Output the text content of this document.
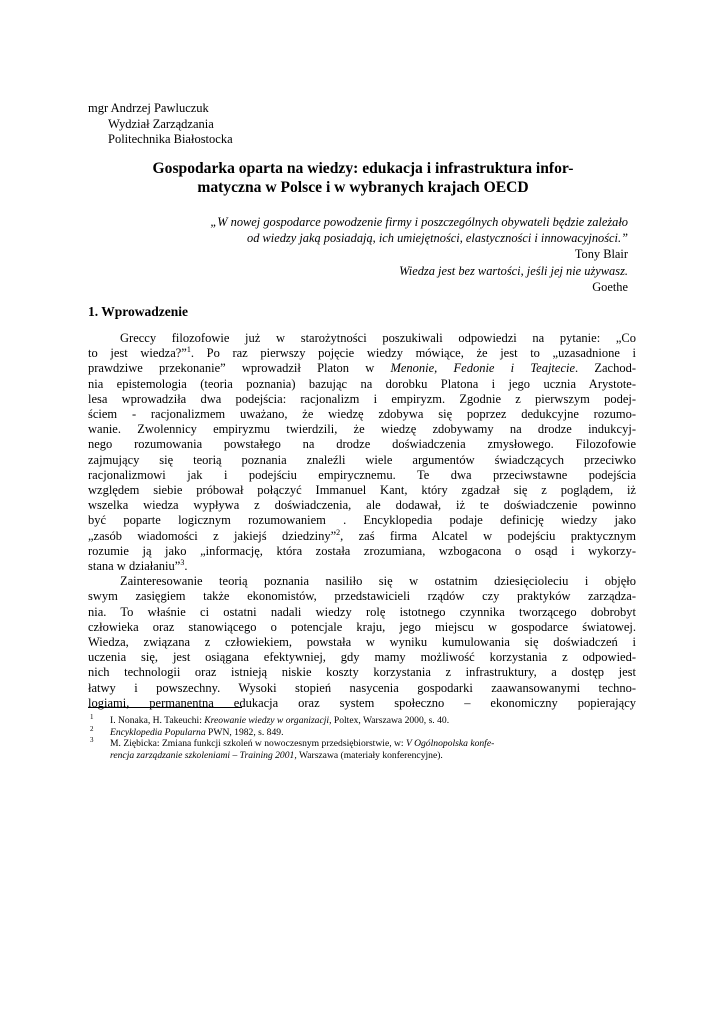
mgr Andrzej Pawluczuk
Wydział Zarządzania
Politechnika Białostocka
Gospodarka oparta na wiedzy: edukacja i infrastruktura infor-
matyczna w Polsce i w wybranych krajach OECD
„W nowej gospodarce powodzenie firmy i poszczególnych obywateli będzie zależało
od wiedzy jaką posiadają, ich umiejętności, elastyczności i innowacyjności.”
Tony Blair
Wiedza jest bez wartości, jeśli jej nie używasz.
Goethe
1. Wprowadzenie
Greccy filozofowie już w starożytności poszukiwali odpowiedzi na pytanie: „Co
to jest wiedza?”$^1$. Po raz pierwszy pojęcie wiedzy mówiące, że jest to „uzasadnione i
prawdziwe przekonanie” wprowadził Platon w Menonie, Fedonie i Teajtecie. Zachod-
nia epistemologia (teoria poznania) bazując na dorobku Platona i jego ucznia Arystote-
lesa wprowadziła dwa podejścia: racjonalizm i empiryzm. Zgodnie z pierwszym podej-
ściem - racjonalizmem uważano, że wiedzę zdobywa się poprzez dedukcyjne rozumo-
wanie. Zwolennicy empiryzmu twierdzili, że wiedzę zdobywamy na drodze indukcyj-
nego rozumowania powstałego na drodze doświadczenia zmysłowego. Filozofowie
zajmujący się teorią poznania znaleźli wiele argumentów świadczących przeciwko
racjonalizmowi jak i podejściu empirycznemu. Te dwa przeciwstawne podejścia
względem siebie próbował połączyć Immanuel Kant, który zgadzał się z poglądem, iż
wszelka wiedza wypływa z doświadczenia, ale dodawał, iż te doświadczenie powinno
być poparte logicznym rozumowaniem . Encyklopedia podaje definicję wiedzy jako
„zasób wiadomości z jakiejś dziedziny”$^2$, zaś firma Alcatel w podejściu praktycznym
rozumie ją jako „informację, która została zrozumiana, wzbogacona o osąd i wykorzy-
stana w działaniu”$^3$.
Zainteresowanie teorią poznania nasiliło się w ostatnim dziesięcioleciu i objęło
swym zasięgiem także ekonomistów, przedstawicieli rządów czy praktyków zarządza-
nia. To właśnie ci ostatni nadali wiedzy rolę istotnego czynnika tworzącego dobrobyt
człowieka oraz stanowiącego o potencjale kraju, jego miejscu w gospodarce światowej.
Wiedza, związana z człowiekiem, powstała w wyniku kumulowania się doświadczeń i
uczenia się, jest osiągana efektywniej, gdy mamy możliwość korzystania z odpowied-
nich technologii oraz istnieją niskie koszty korzystania z infrastruktury, a dostęp jest
łatwy i powszechny. Wysoki stopień nasycenia gospodarki zaawansowanymi techno-
logiami, permanentna edukacja oraz system społeczno – ekonomiczny popierający
1 I. Nonaka, H. Takeuchi: Kreowanie wiedzy w organizacji, Poltex, Warszawa 2000, s. 40.
2 Encyklopedia Popularna PWN, 1982, s. 849.
3 M. Ziębicka: Zmiana funkcji szkoleń w nowoczesnym przedsiębiorstwie, w: V Ogólnopolska konfe-
rencja zarządzanie szkoleniami – Training 2001, Warszawa (materiały konferencyjne).
